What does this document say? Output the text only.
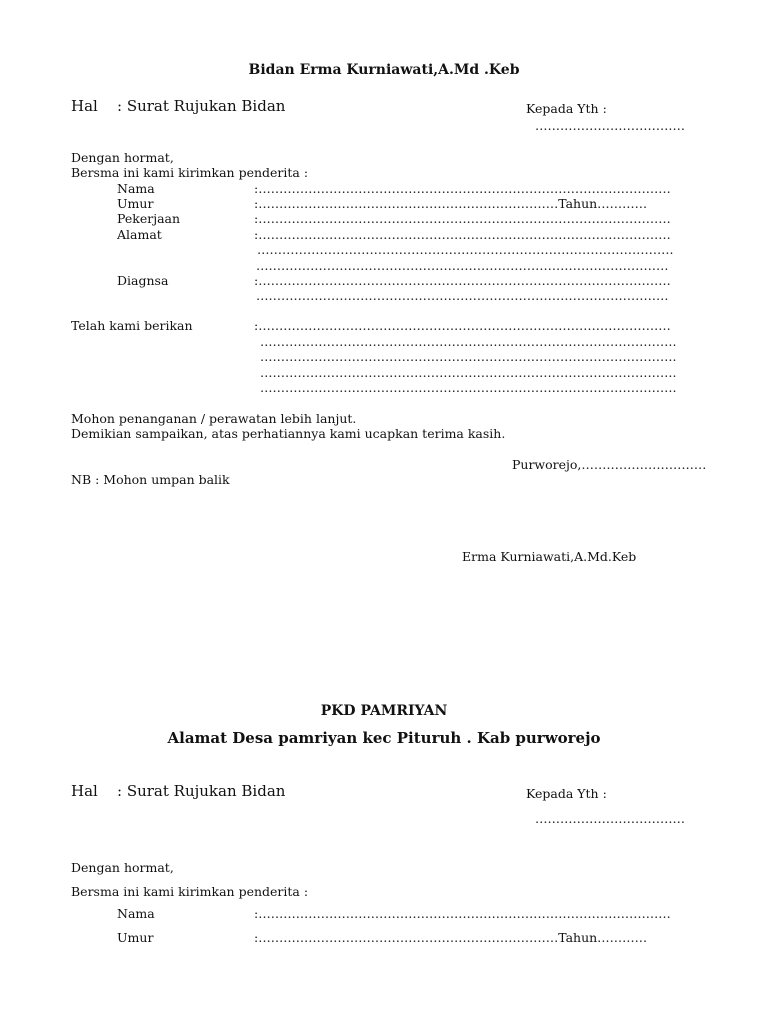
Bidan Erma Kurniawati,A.Md .Keb
Hal : Surat Rujukan Bidan	Kepada Yth :
………………………………
Dengan hormat,
Bersma ini kami kirimkan penderita :
Nama	:………………………………………………………………………………………
Umur	:………………………………………………………………Tahun…………
Pekerjaan	:………………………………………………………………………………………
Alamat	:………………………………………………………………………………………
……………………………………………………………………………………….
………………………………………………………………………………………
Diagnsa	:………………………………………………………………………………………
………………………………………………………………………………………
Telah kami berikan	:………………………………………………………………………………………
……………………………………………………………………………………….
……………………………………………………………………………………….
……………………………………………………………………………………….
……………………………………………………………………………………….
Mohon penanganan / perawatan lebih lanjut.
Demikian sampaikan, atas perhatiannya kami ucapkan terima kasih.
Purworejo,…………………………
NB : Mohon umpan balik
Erma Kurniawati,A.Md.Keb
PKD PAMRIYAN
Alamat Desa pamriyan kec Pituruh . Kab purworejo
Hal : Surat Rujukan Bidan	Kepada Yth :
………………………………
Dengan hormat,
Bersma ini kami kirimkan penderita :
Nama	:………………………………………………………………………………………
Umur	:………………………………………………………………Tahun…………
